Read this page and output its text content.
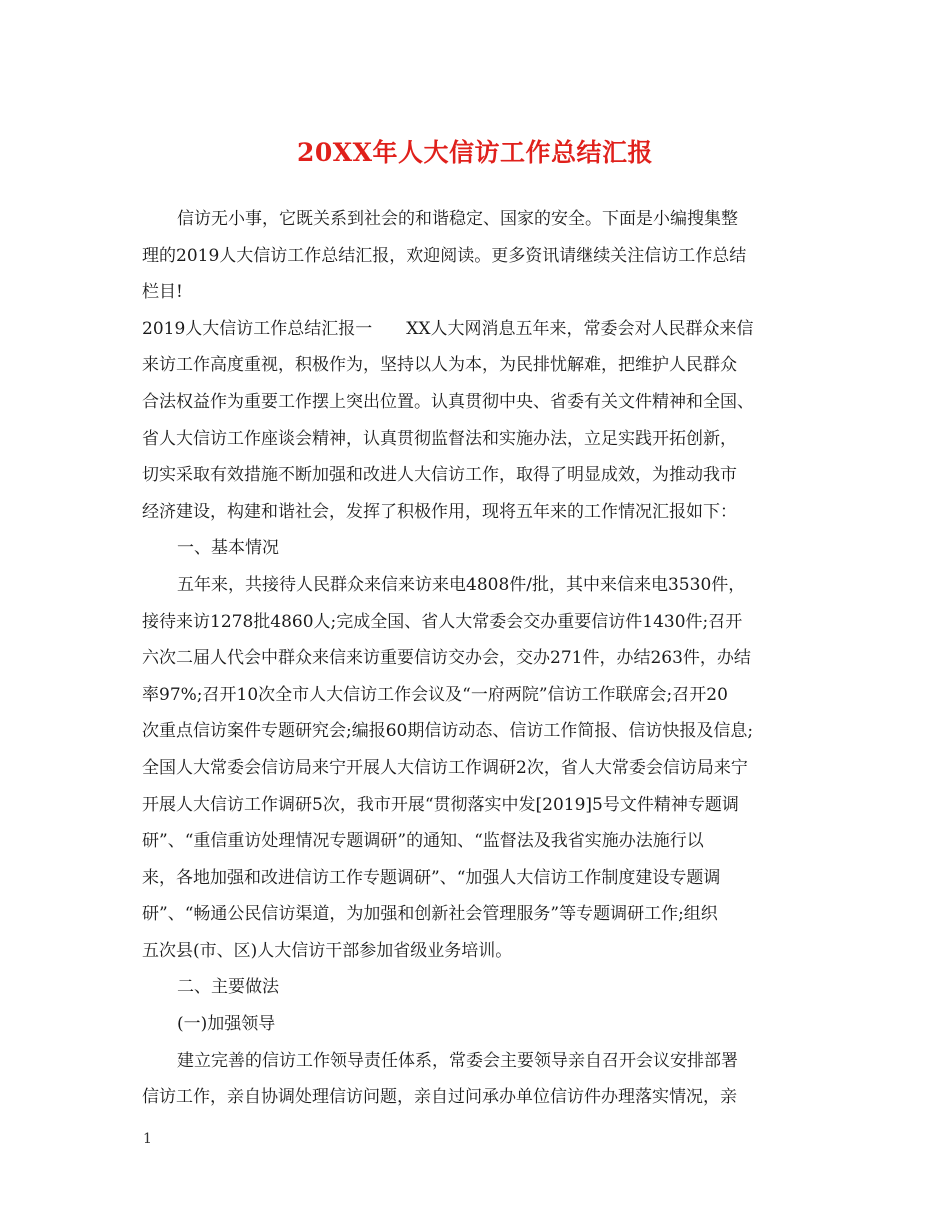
20XX年人大信访工作总结汇报
信访无小事，它既关系到社会的和谐稳定、国家的安全。下面是小编搜集整
理的2019人大信访工作总结汇报，欢迎阅读。更多资讯请继续关注信访工作总结
栏目!
2019人大信访工作总结汇报一　　XX人大网消息五年来，常委会对人民群众来信
来访工作高度重视，积极作为，坚持以人为本，为民排忧解难，把维护人民群众
合法权益作为重要工作摆上突出位置。认真贯彻中央、省委有关文件精神和全国、
省人大信访工作座谈会精神，认真贯彻监督法和实施办法，立足实践开拓创新，
切实采取有效措施不断加强和改进人大信访工作，取得了明显成效，为推动我市
经济建设，构建和谐社会，发挥了积极作用，现将五年来的工作情况汇报如下：
一、基本情况
五年来，共接待人民群众来信来访来电4808件/批，其中来信来电3530件，
接待来访1278批4860人;完成全国、省人大常委会交办重要信访件1430件;召开
六次二届人代会中群众来信来访重要信访交办会，交办271件，办结263件，办结
率97%;召开10次全市人大信访工作会议及“一府两院”信访工作联席会;召开20
次重点信访案件专题研究会;编报60期信访动态、信访工作简报、信访快报及信息;
全国人大常委会信访局来宁开展人大信访工作调研2次，省人大常委会信访局来宁
开展人大信访工作调研5次，我市开展“贯彻落实中发[2019]5号文件精神专题调
研”、“重信重访处理情况专题调研”的通知、“监督法及我省实施办法施行以
来，各地加强和改进信访工作专题调研”、“加强人大信访工作制度建设专题调
研”、“畅通公民信访渠道，为加强和创新社会管理服务”等专题调研工作;组织
五次县(市、区)人大信访干部参加省级业务培训。
二、主要做法
(一)加强领导
建立完善的信访工作领导责任体系，常委会主要领导亲自召开会议安排部署
信访工作，亲自协调处理信访问题，亲自过问承办单位信访件办理落实情况，亲
1
